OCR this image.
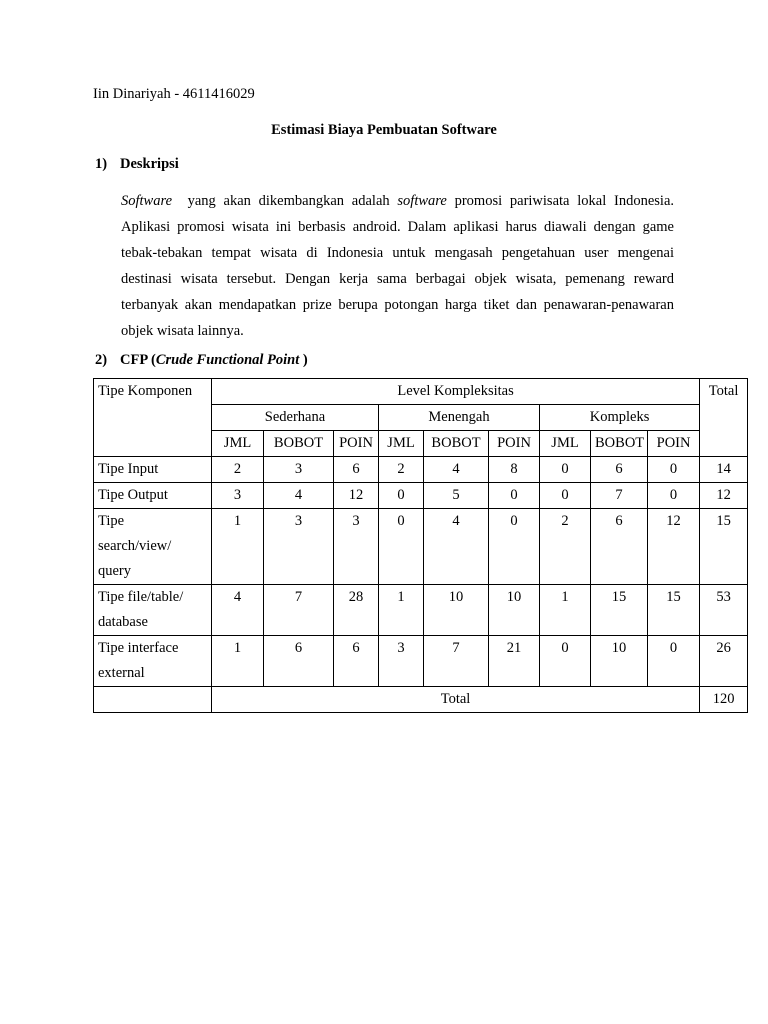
Iin Dinariyah - 4611416029
Estimasi Biaya Pembuatan Software
1) Deskripsi
Software  yang akan dikembangkan adalah software promosi pariwisata lokal Indonesia.
Aplikasi promosi wisata ini berbasis android. Dalam aplikasi harus diawali dengan game
tebak-tebakan tempat wisata di Indonesia untuk mengasah pengetahuan user mengenai
destinasi wisata tersebut. Dengan kerja sama berbagai objek wisata, pemenang reward
terbanyak akan mendapatkan prize berupa potongan harga tiket dan penawaran-penawaran
objek wisata lainnya.
2) CFP (Crude Functional Point )
Tipe Komponen	Level Kompleksitas									Total
	Sederhana			Menengah			Kompleks			
	JML	BOBOT	POIN	JML	BOBOT	POIN	JML	BOBOT	POIN	

Tipe Input	2	3	6	2	4	8	0	6	0	14

Tipe Output	3	4	12	0	5	0	0	7	0	12

Tipe
search/view/
query	1	3	3	0	4	0	2	6	12	15

Tipe file/table/
database	4	7	28	1	10	10	1	15	15	53

Tipe interface
external	1	6	6	3	7	21	0	10	0	26
	Total									120
